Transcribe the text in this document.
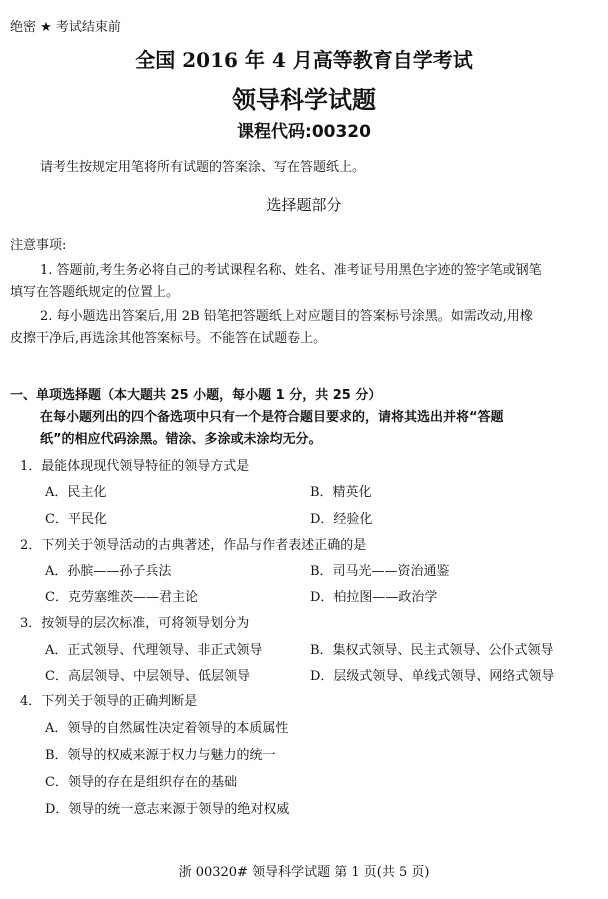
绝密 ★ 考试结束前
全国 2016 年 4 月高等教育自学考试
领导科学试题
课程代码:00320
请考生按规定用笔将所有试题的答案涂、写在答题纸上。
选择题部分
注意事项:
1. 答题前,考生务必将自己的考试课程名称、姓名、准考证号用黑色字迹的签字笔或钢笔
填写在答题纸规定的位置上。
2. 每小题选出答案后,用 2B 铅笔把答题纸上对应题目的答案标号涂黑。如需改动,用橡
皮擦干净后,再选涂其他答案标号。不能答在试题卷上。
一、单项选择题（本大题共 25 小题，每小题 1 分，共 25 分）
在每小题列出的四个备选项中只有一个是符合题目要求的，请将其选出并将“答题
纸”的相应代码涂黑。错涂、多涂或未涂均无分。
1．最能体现现代领导特征的领导方式是
A．民主化	B．精英化
C．平民化	D．经验化
2．下列关于领导活动的古典著述，作品与作者表述正确的是
A．孙膑——孙子兵法	B．司马光——资治通鉴
C．克劳塞维茨——君主论	D．柏拉图——政治学
3．按领导的层次标准，可将领导划分为
A．正式领导、代理领导、非正式领导	B．集权式领导、民主式领导、公仆式领导
C．高层领导、中层领导、低层领导	D．层级式领导、单线式领导、网络式领导
4．下列关于领导的正确判断是
A．领导的自然属性决定着领导的本质属性
B．领导的权威来源于权力与魅力的统一
C．领导的存在是组织存在的基础
D．领导的统一意志来源于领导的绝对权威
浙 00320# 领导科学试题 第 1 页(共 5 页)
